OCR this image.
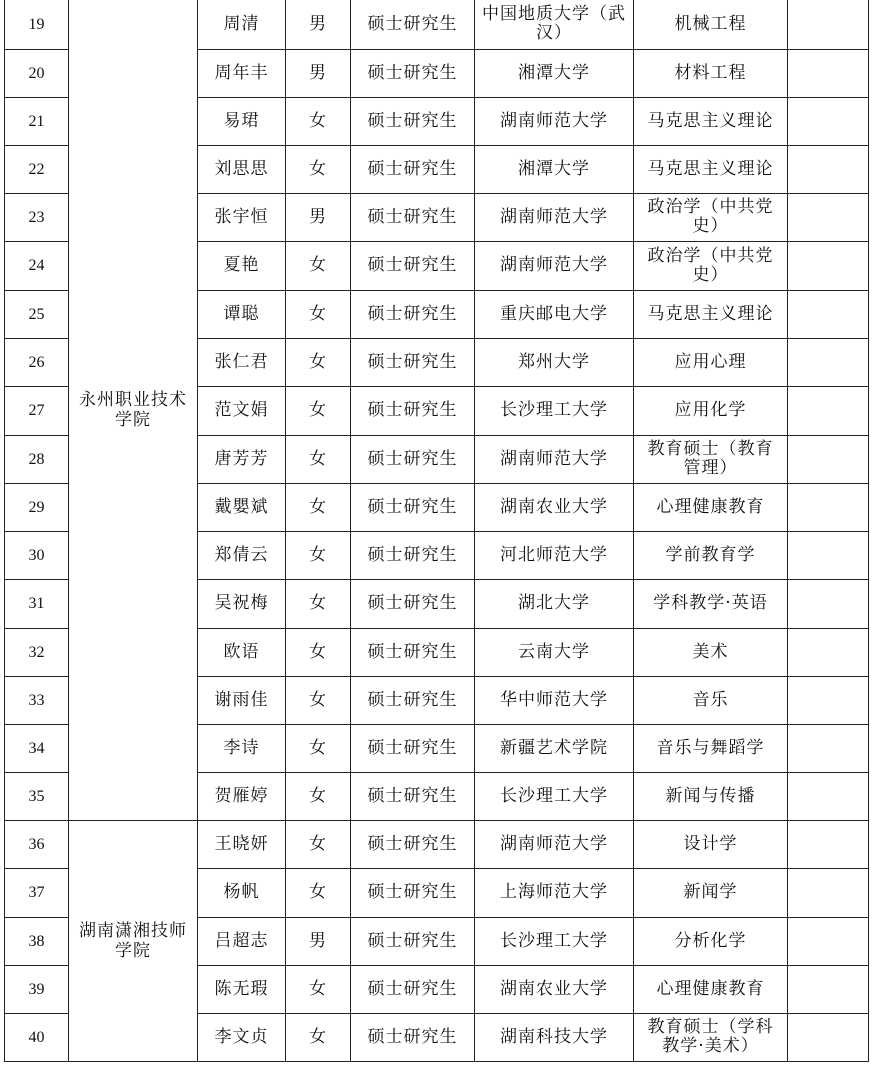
19	永州职业技术学院	周清	男	硕士研究生	中国地质大学（武汉）	机械工程	
20		周年丰	男	硕士研究生	湘潭大学	材料工程	
21		易珺	女	硕士研究生	湖南师范大学	马克思主义理论	
22		刘思思	女	硕士研究生	湘潭大学	马克思主义理论	
23		张宇恒	男	硕士研究生	湖南师范大学	政治学（中共党史）	
24		夏艳	女	硕士研究生	湖南师范大学	政治学（中共党史）	
25		谭聪	女	硕士研究生	重庆邮电大学	马克思主义理论	
26		张仁君	女	硕士研究生	郑州大学	应用心理	
27		范文娟	女	硕士研究生	长沙理工大学	应用化学	
28		唐芳芳	女	硕士研究生	湖南师范大学	教育硕士（教育管理）	
29		戴嬰斌	女	硕士研究生	湖南农业大学	心理健康教育	
30		郑倩云	女	硕士研究生	河北师范大学	学前教育学	
31		吴祝梅	女	硕士研究生	湖北大学	学科教学·英语	
32		欧语	女	硕士研究生	云南大学	美术	
33		谢雨佳	女	硕士研究生	华中师范大学	音乐	
34		李诗	女	硕士研究生	新疆艺术学院	音乐与舞蹈学	
35		贺雁婷	女	硕士研究生	长沙理工大学	新闻与传播	
36	湖南潇湘技师学院	王晓妍	女	硕士研究生	湖南师范大学	设计学	
37		杨帆	女	硕士研究生	上海师范大学	新闻学	
38		吕超志	男	硕士研究生	长沙理工大学	分析化学	
39		陈无瑕	女	硕士研究生	湖南农业大学	心理健康教育	
40		李文贞	女	硕士研究生	湖南科技大学	教育硕士（学科教学·美术）	
